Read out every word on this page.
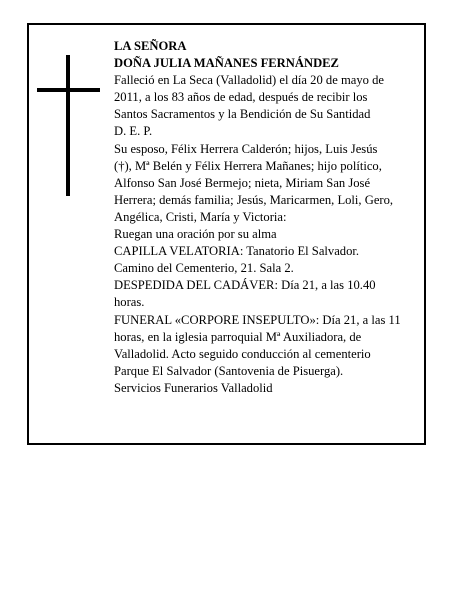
LA SEÑORA
DOÑA JULIA MAÑANES FERNÁNDEZ
Falleció en La Seca (Valladolid) el día 20 de mayo de
2011, a los 83 años de edad, después de recibir los
Santos Sacramentos y la Bendición de Su Santidad
D. E. P.
Su esposo, Félix Herrera Calderón; hijos, Luis Jesús
(†), Mª Belén y Félix Herrera Mañanes; hijo político,
Alfonso San José Bermejo; nieta, Miriam San José
Herrera; demás familia; Jesús, Maricarmen, Loli, Gero,
Angélica, Cristi, María y Victoria:
Ruegan una oración por su alma
CAPILLA VELATORIA: Tanatorio El Salvador.
Camino del Cementerio, 21. Sala 2.
DESPEDIDA DEL CADÁVER: Día 21, a las 10.40
horas.
FUNERAL «CORPORE INSEPULTO»: Día 21, a las 11
horas, en la iglesia parroquial Mª Auxiliadora, de
Valladolid. Acto seguido conducción al cementerio
Parque El Salvador (Santovenia de Pisuerga).
Servicios Funerarios Valladolid
